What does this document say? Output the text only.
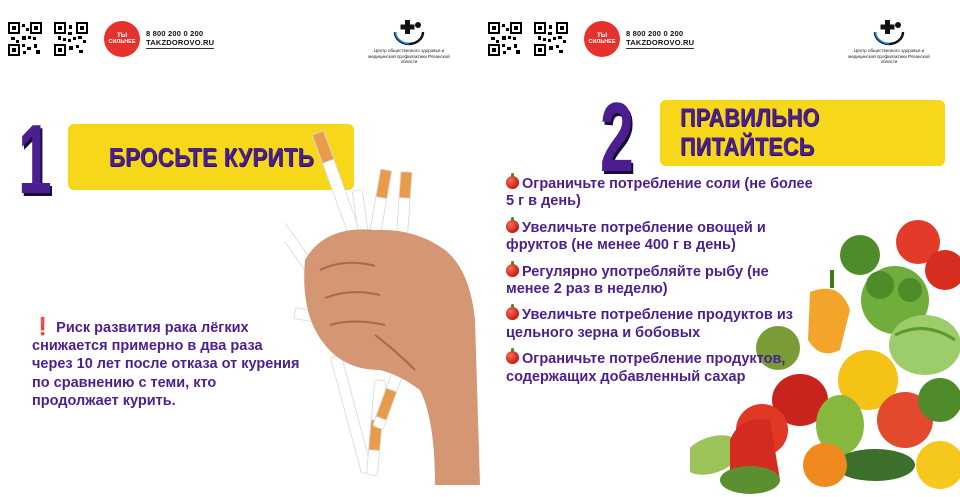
ТЫ
СИЛЬНЕЕ
8 800 200 0 200
TAKZDOROVO.RU
Центр общественного здоровья и медицинской профилактики Рязанской области
1 БРОСЬТЕ КУРИТЬ
❗ Риск развития рака лёгких снижается примерно в два раза через 10 лет после отказа от курения по сравнению с теми, кто продолжает курить.
ТЫ
СИЛЬНЕЕ
8 800 200 0 200
TAKZDOROVO.RU
Центр общественного здоровья и медицинской профилактики Рязанской области
2 ПРАВИЛЬНО ПИТАЙТЕСЬ
Ограничьте потребление соли (не более 5 г в день)
Увеличьте потребление овощей и фруктов (не менее 400 г в день)
Регулярно употребляйте рыбу (не менее 2 раз в неделю)
Увеличьте потребление продуктов из цельного зерна и бобовых
Ограничьте потребление продуктов, содержащих добавленный сахар
